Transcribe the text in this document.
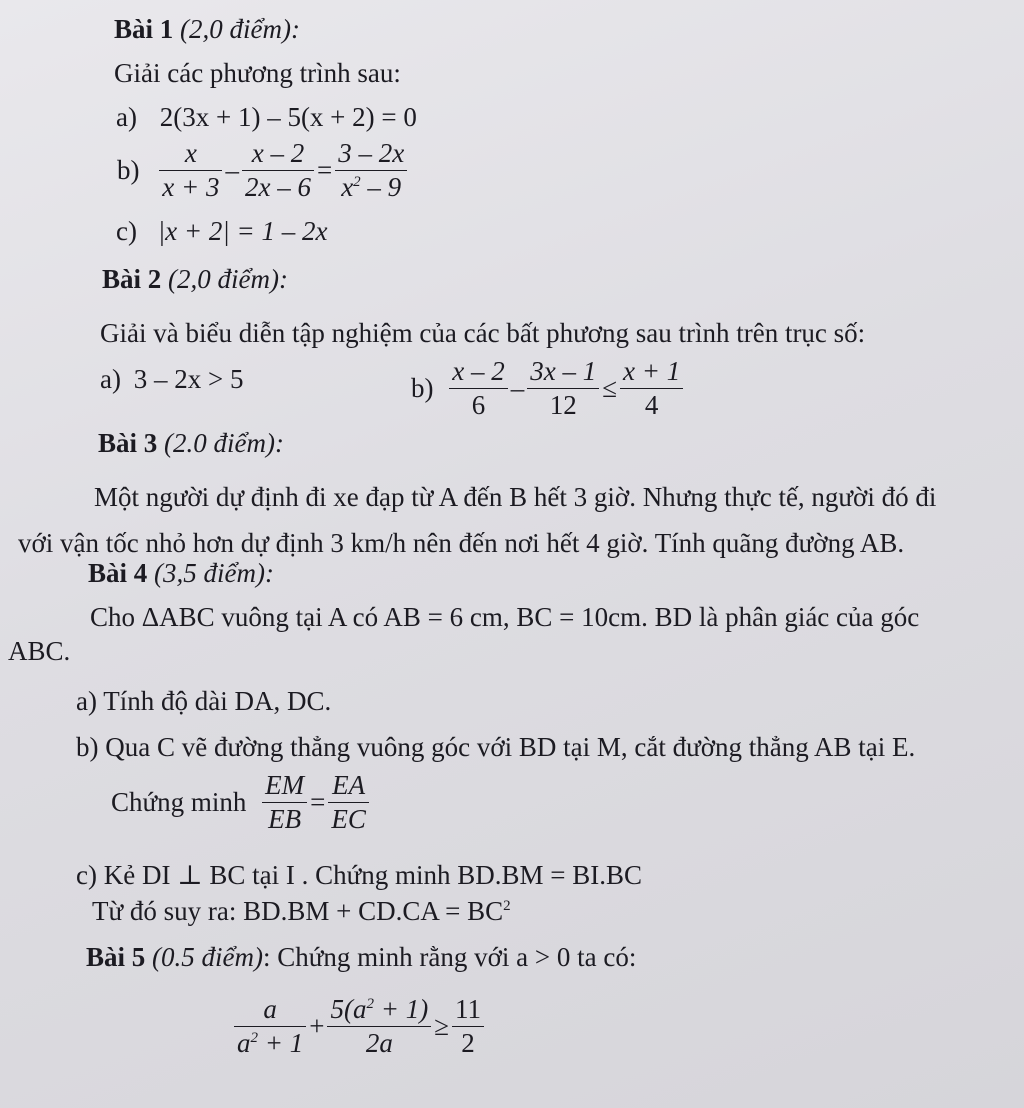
Bài 1 (2,0 điểm):
Giải các phương trình sau:
a) 2(3x + 1) – 5(x + 2) = 0
$b) \frac{x}{x + 3} - \frac{x - 2}{2x - 6} = \frac{3 - 2x}{x^2 - 9}$
c) |x + 2| = 1 – 2x
Bài 2 (2,0 điểm):
Giải và biểu diễn tập nghiệm của các bất phương sau trình trên trục số:
a) 3 – 2x > 5	$b) \frac{x - 2}{6} - \frac{3x - 1}{12} \le \frac{x + 1}{4}$
Bài 3 (2.0 điểm):
Một người dự định đi xe đạp từ A đến B hết 3 giờ. Nhưng thực tế, người đó đi
với vận tốc nhỏ hơn dự định 3 km/h nên đến nơi hết 4 giờ. Tính quãng đường AB.
Bài 4 (3,5 điểm):
Cho ΔABC vuông tại A có AB = 6 cm, BC = 10cm. BD là phân giác của góc
ABC.
a) Tính độ dài DA, DC.
b) Qua C vẽ đường thẳng vuông góc với BD tại M, cắt đường thẳng AB tại E.
Chứng minh $\frac{EM}{EB} = \frac{EA}{EC}$
c) Kẻ DI ⊥ BC tại I . Chứng minh BD.BM = BI.BC
Từ đó suy ra: $BD.BM + CD.CA = BC^2$
Bài 5 (0.5 điểm): Chứng minh rằng với a > 0 ta có:
$\frac{a}{a^2 + 1} + \frac{5(a^2 + 1)}{2a} \ge \frac{11}{2}$
